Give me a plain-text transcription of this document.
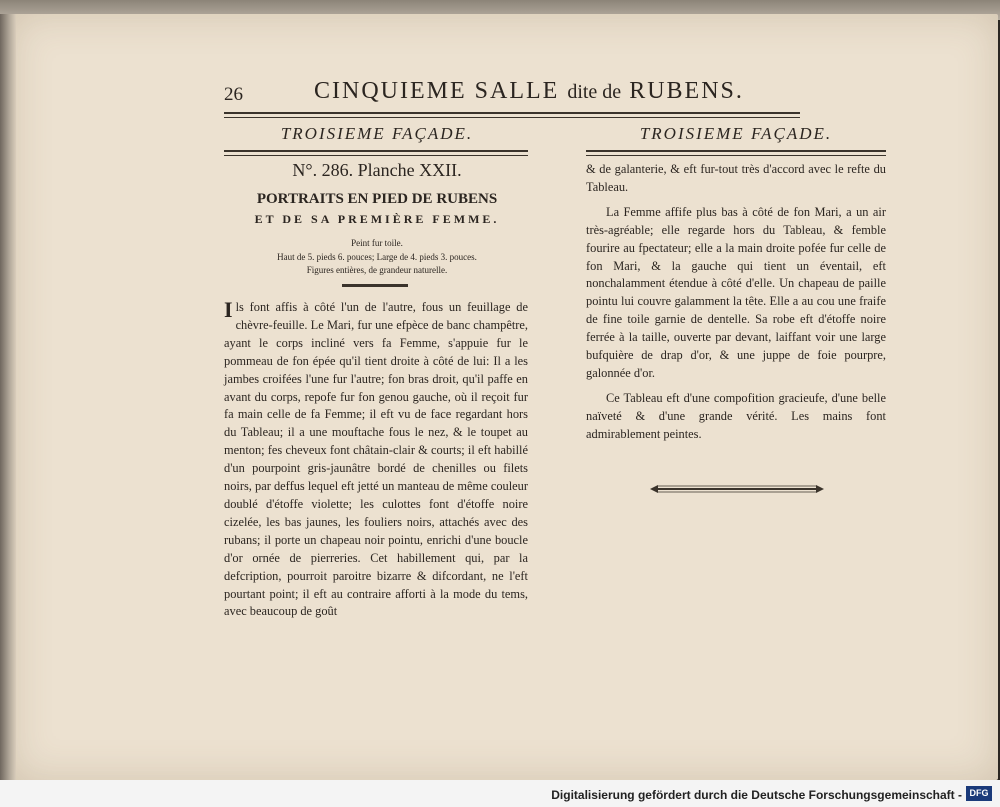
26	CINQUIEME SALLE dite de RUBENS.
TROISIEME FAÇADE.
N°. 286. Planche XXII.
PORTRAITS EN PIED DE RUBENS
ET DE SA PREMIÈRE FEMME.
Peint fur toile.
Haut de 5. pieds 6. pouces; Large de 4. pieds 3. pouces.
Figures entières, de grandeur naturelle.

Ils font affis à côté l'un de l'autre, fous un feuillage de chèvre-feuille. Le Mari, fur une efpèce de banc champêtre, ayant le corps incliné vers fa Femme, s'appuie fur le pommeau de fon épée qu'il tient droite à côté de lui: Il a les jambes croifées l'une fur l'autre; fon bras droit, qu'il paffe en avant du corps, repofe fur fon genou gauche, où il reçoit fur fa main celle de fa Femme; il eft vu de face regardant hors du Tableau; il a une mouftache fous le nez, & le toupet au menton; fes cheveux font châtain-clair & courts; il eft habillé d'un pourpoint gris-jaunâtre bordé de chenilles ou filets noirs, par deffus lequel eft jetté un manteau de même couleur doublé d'étoffe violette; les culottes font d'étoffe noire cizelée, les bas jaunes, les fouliers noirs, attachés avec des rubans; il porte un chapeau noir pointu, enrichi d'une boucle d'or ornée de pierreries. Cet habillement qui, par la defcription, pourroit paroitre bizarre & difcordant, ne l'eft pourtant point; il eft au contraire afforti à la mode du tems, avec beaucoup de goût

TROISIEME FAÇADE.

& de galanterie, & eft fur-tout très d'accord avec le refte du Tableau.

La Femme affife plus bas à côté de fon Mari, a un air très-agréable; elle regarde hors du Tableau, & femble fourire au fpectateur; elle a la main droite pofée fur celle de fon Mari, & la gauche qui tient un éventail, eft nonchalamment étendue à côté d'elle. Un chapeau de paille pointu lui couvre galamment la tête. Elle a au cou une fraife de fine toile garnie de dentelle. Sa robe eft d'étoffe noire ferrée à la taille, ouverte par devant, laiffant voir une large bufquière de drap d'or, & une juppe de foie pourpre, galonnée d'or.

Ce Tableau eft d'une compofition gracieufe, d'une belle naïveté & d'une grande vérité. Les mains font admirablement peintes.

Digitalisierung gefördert durch die Deutsche Forschungsgemeinschaft - DFG
